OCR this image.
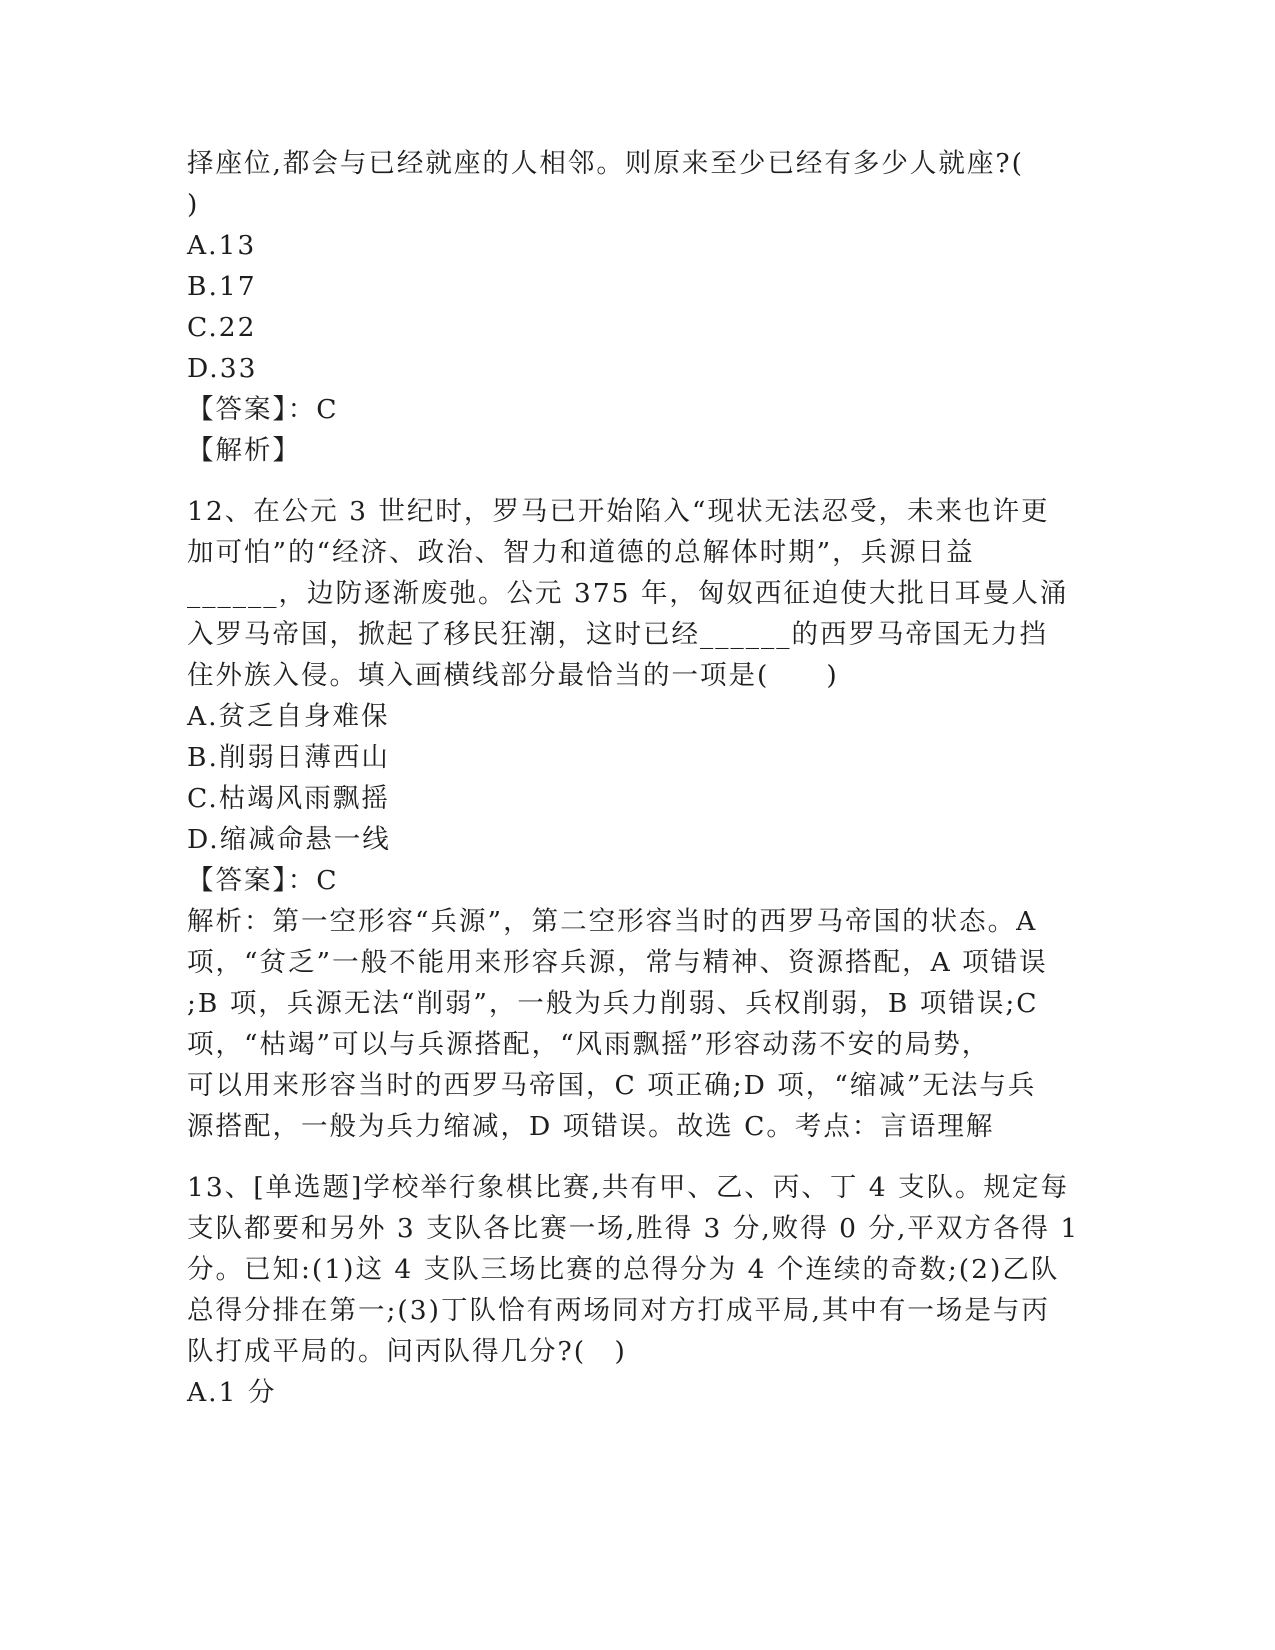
择座位,都会与已经就座的人相邻。则原来至少已经有多少人就座?(
)
A.13
B.17
C.22
D.33
【答案】：C
【解析】
12、在公元 3 世纪时，罗马已开始陷入“现状无法忍受，未来也许更
加可怕”的“经济、政治、智力和道德的总解体时期”，兵源日益
______，边防逐渐废弛。公元 375 年，匈奴西征迫使大批日耳曼人涌
入罗马帝国，掀起了移民狂潮，这时已经______的西罗马帝国无力挡
住外族入侵。填入画横线部分最恰当的一项是(　　)
A.贫乏自身难保
B.削弱日薄西山
C.枯竭风雨飘摇
D.缩减命悬一线
【答案】：C
解析：第一空形容“兵源”，第二空形容当时的西罗马帝国的状态。A
项，“贫乏”一般不能用来形容兵源，常与精神、资源搭配，A 项错误
;B 项，兵源无法“削弱”，一般为兵力削弱、兵权削弱，B 项错误;C
项，“枯竭”可以与兵源搭配，“风雨飘摇”形容动荡不安的局势，
可以用来形容当时的西罗马帝国，C 项正确;D 项，“缩减”无法与兵
源搭配，一般为兵力缩减，D 项错误。故选 C。考点：言语理解
13、[单选题]学校举行象棋比赛,共有甲、乙、丙、丁 4 支队。规定每
支队都要和另外 3 支队各比赛一场,胜得 3 分,败得 0 分,平双方各得 1
分。已知:(1)这 4 支队三场比赛的总得分为 4 个连续的奇数;(2)乙队
总得分排在第一;(3)丁队恰有两场同对方打成平局,其中有一场是与丙
队打成平局的。问丙队得几分?(　)
A.1 分
